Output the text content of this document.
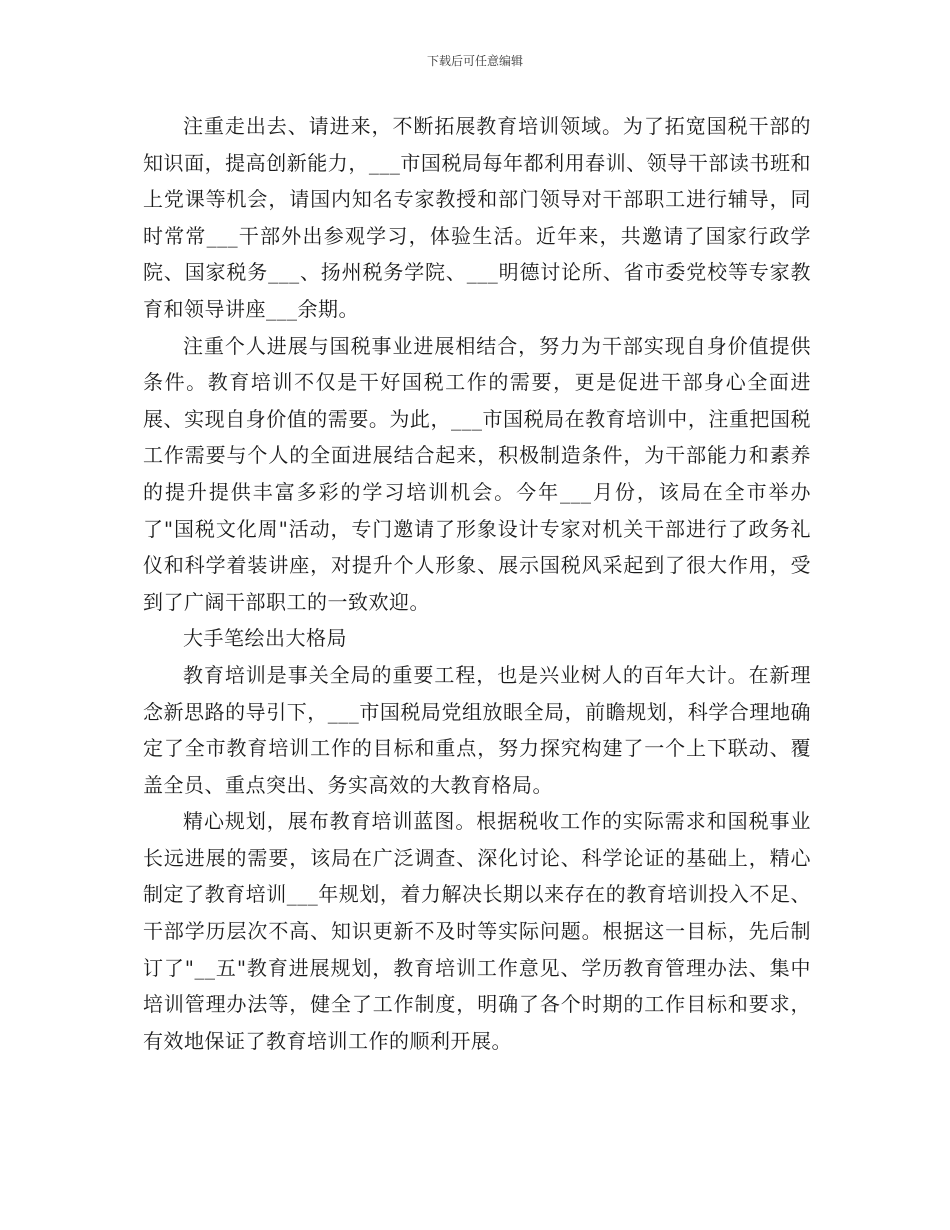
下载后可任意编辑

注重走出去、请进来，不断拓展教育培训领域。为了拓宽国税干部的知识面，提高创新能力，___市国税局每年都利用春训、领导干部读书班和上党课等机会，请国内知名专家教授和部门领导对干部职工进行辅导，同时常常___干部外出参观学习，体验生活。近年来，共邀请了国家行政学院、国家税务___、扬州税务学院、___明德讨论所、省市委党校等专家教育和领导讲座___余期。

注重个人进展与国税事业进展相结合，努力为干部实现自身价值提供条件。教育培训不仅是干好国税工作的需要，更是促进干部身心全面进展、实现自身价值的需要。为此，___市国税局在教育培训中，注重把国税工作需要与个人的全面进展结合起来，积极制造条件，为干部能力和素养的提升提供丰富多彩的学习培训机会。今年___月份，该局在全市举办了"国税文化周"活动，专门邀请了形象设计专家对机关干部进行了政务礼仪和科学着装讲座，对提升个人形象、展示国税风采起到了很大作用，受到了广阔干部职工的一致欢迎。

大手笔绘出大格局

教育培训是事关全局的重要工程，也是兴业树人的百年大计。在新理念新思路的导引下，___市国税局党组放眼全局，前瞻规划，科学合理地确定了全市教育培训工作的目标和重点，努力探究构建了一个上下联动、覆盖全员、重点突出、务实高效的大教育格局。

精心规划，展布教育培训蓝图。根据税收工作的实际需求和国税事业长远进展的需要，该局在广泛调查、深化讨论、科学论证的基础上，精心制定了教育培训___年规划，着力解决长期以来存在的教育培训投入不足、干部学历层次不高、知识更新不及时等实际问题。根据这一目标，先后制订了"__五"教育进展规划，教育培训工作意见、学历教育管理办法、集中培训管理办法等，健全了工作制度，明确了各个时期的工作目标和要求，有效地保证了教育培训工作的顺利开展。
